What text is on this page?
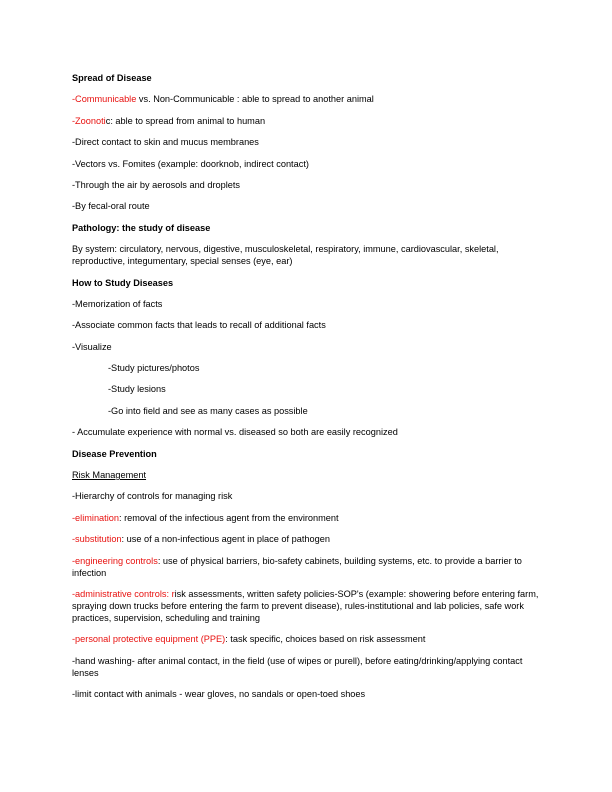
Spread of Disease
-Communicable vs. Non-Communicable : able to spread to another animal
-Zoonotic: able to spread from animal to human
-Direct contact to skin and mucus membranes
-Vectors vs. Fomites (example: doorknob, indirect contact)
-Through the air by aerosols and droplets
-By fecal-oral route
Pathology: the study of disease
By system: circulatory, nervous, digestive, musculoskeletal, respiratory, immune, cardiovascular, skeletal, reproductive, integumentary, special senses (eye, ear)
How to Study Diseases
-Memorization of facts
-Associate common facts that leads to recall of additional facts
-Visualize
-Study pictures/photos
-Study lesions
-Go into field and see as many cases as possible
- Accumulate experience with normal vs. diseased so both are easily recognized
Disease Prevention
Risk Management
-Hierarchy of controls for managing risk
-elimination: removal of the infectious agent from the environment
-substitution: use of a non-infectious agent in place of pathogen
-engineering controls: use of physical barriers, bio-safety cabinets, building systems, etc. to provide a barrier to infection
-administrative controls: risk assessments, written safety policies-SOP's (example: showering before entering farm, spraying down trucks before entering the farm to prevent disease), rules-institutional and lab policies, safe work practices, supervision, scheduling and training
-personal protective equipment (PPE): task specific, choices based on risk assessment
-hand washing- after animal contact, in the field (use of wipes or purell), before eating/drinking/applying contact lenses
-limit contact with animals - wear gloves, no sandals or open-toed shoes
